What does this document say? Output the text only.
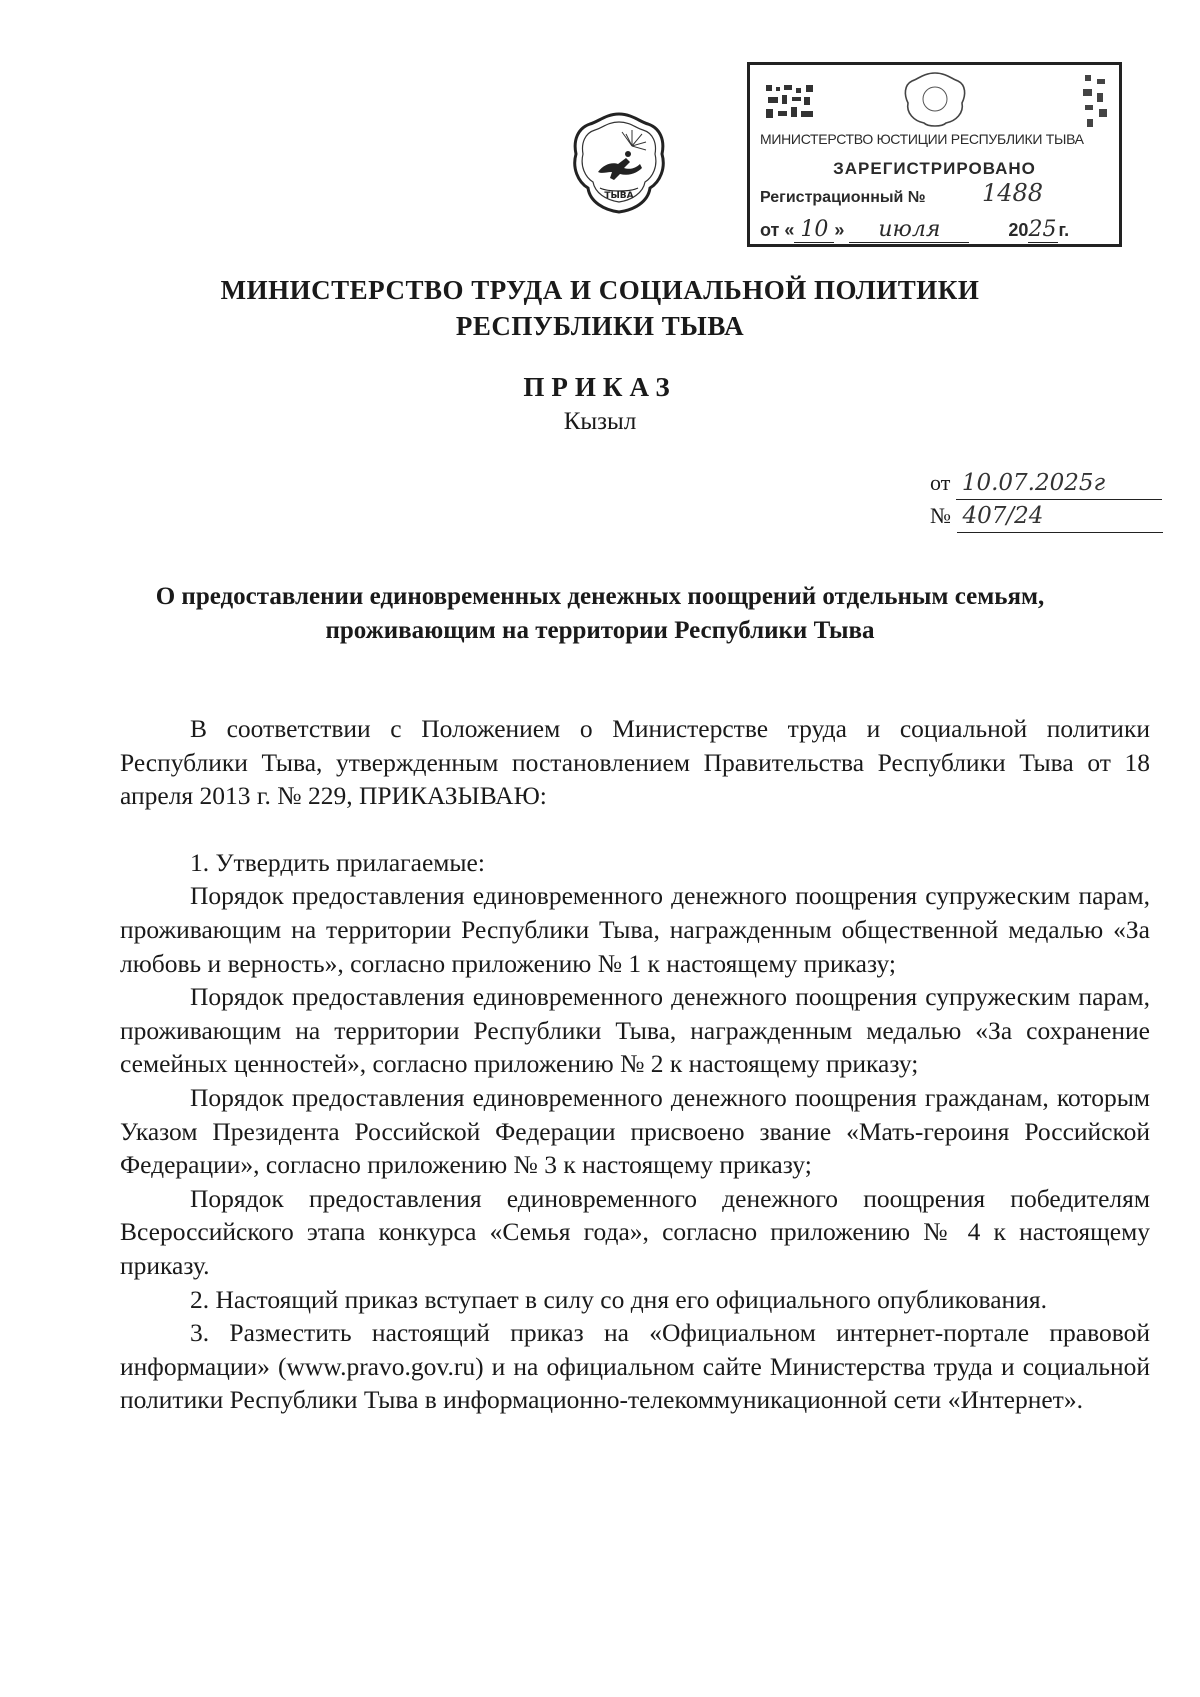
ТЫВА
МИНИСТЕРСТВО ЮСТИЦИИ РЕСПУБЛИКИ ТЫВА
ЗАРЕГИСТРИРОВАНО
Регистрационный № 1488
от « 10 » июля	2025 г.
МИНИСТЕРСТВО ТРУДА И СОЦИАЛЬНОЙ ПОЛИТИКИ
РЕСПУБЛИКИ ТЫВА
ПРИКАЗ
Кызыл
от 10.07.2025г
№ 407/24
О предоставлении единовременных денежных поощрений отдельным семьям,
проживающим на территории Республики Тыва

В соответствии с Положением о Министерстве труда и социальной политики Республики Тыва, утвержденным постановлением Правительства Республики Тыва от 18 апреля 2013 г. № 229, ПРИКАЗЫВАЮ:

1. Утвердить прилагаемые:

Порядок предоставления единовременного денежного поощрения супружеским парам, проживающим на территории Республики Тыва, награжденным общественной медалью «За любовь и верность», согласно приложению № 1 к настоящему приказу;

Порядок предоставления единовременного денежного поощрения супружеским парам, проживающим на территории Республики Тыва, награжденным медалью «За сохранение семейных ценностей», согласно приложению № 2 к настоящему приказу;

Порядок предоставления единовременного денежного поощрения гражданам, которым Указом Президента Российской Федерации присвоено звание «Мать-героиня Российской Федерации», согласно приложению № 3 к настоящему приказу;

Порядок предоставления единовременного денежного поощрения победителям Всероссийского этапа конкурса «Семья года», согласно приложению № 4 к настоящему приказу.

2. Настоящий приказ вступает в силу со дня его официального опубликования.

3. Разместить настоящий приказ на «Официальном интернет-портале правовой информации» (www.pravo.gov.ru) и на официальном сайте Министерства труда и социальной политики Республики Тыва в информационно-телекоммуникационной сети «Интернет».
